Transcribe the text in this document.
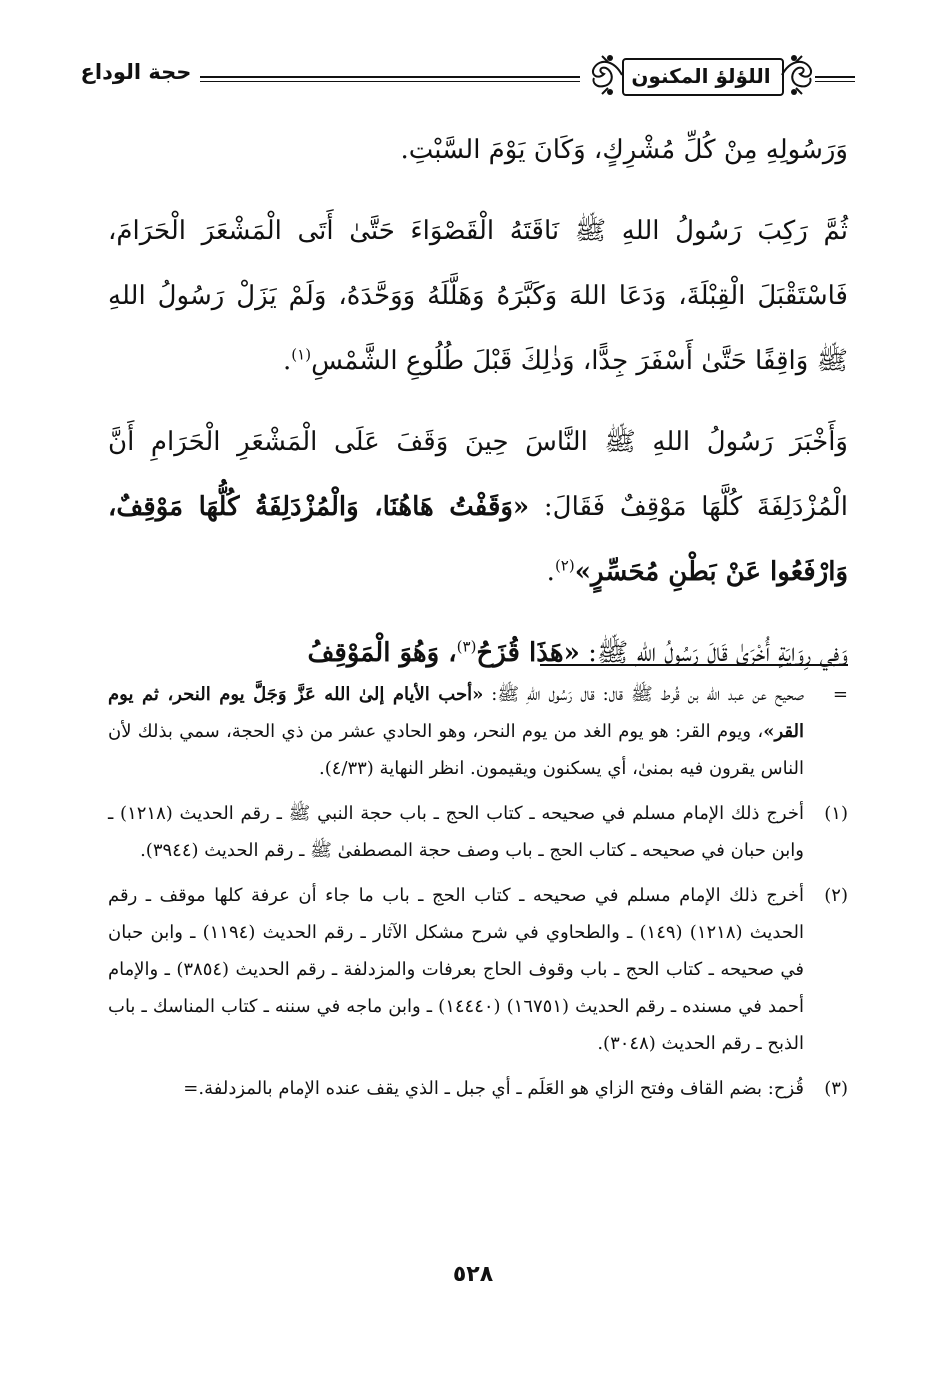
حجة الوداع	اللؤلؤ المكنون

وَرَسُولِهِ مِنْ كُلِّ مُشْرِكٍ، وَكَانَ يَوْمَ السَّبْتِ.

ثُمَّ رَكِبَ رَسُولُ اللهِ ﷺ نَاقَتَهُ الْقَصْوَاءَ حَتَّىٰ أَتَى الْمَشْعَرَ الْحَرَامَ، فَاسْتَقْبَلَ الْقِبْلَةَ، وَدَعَا اللهَ وَكَبَّرَهُ وَهَلَّلَهُ وَوَحَّدَهُ، وَلَمْ يَزَلْ رَسُولُ اللهِ ﷺ وَاقِفًا حَتَّىٰ أَسْفَرَ جِدًّا، وَذٰلِكَ قَبْلَ طُلُوعِ الشَّمْسِ$^{(١)}$.

وَأَخْبَرَ رَسُولُ اللهِ ﷺ النَّاسَ حِينَ وَقَفَ عَلَى الْمَشْعَرِ الْحَرَامِ أَنَّ الْمُزْدَلِفَةَ كُلَّهَا مَوْقِفٌ فَقَالَ: «وَقَفْتُ هَاهُنَا، وَالْمُزْدَلِفَةُ كُلُّهَا مَوْقِفٌ، وَارْفَعُوا عَنْ بَطْنِ مُحَسِّرٍ»$^{(٢)}$.

وَفِي رِوَايَةٍ أُخْرَىٰ قَالَ رَسُولُ اللهِ ﷺ: «هَذَا قُزَحُ$^{(٣)}$، وَهُوَ الْمَوْقِفُ

=
صحيح عن عبد الله بن قُرط ﷺ قال: قال رَسُول اللهِ ﷺ: «أحب الأيام إلىٰ الله عَزَّ وَجَلَّ يوم النحر، ثم يوم القر»، ويوم القر: هو يوم الغد من يوم النحر، وهو الحادي عشر من ذي الحجة، سمي بذلك لأن الناس يقرون فيه بمنىٰ، أي يسكنون ويقيمون. انظر النهاية (٤/٣٣).
(١)
أخرج ذلك الإمام مسلم في صحيحه ـ كتاب الحج ـ باب حجة النبي ﷺ ـ رقم الحديث (١٢١٨) ـ وابن حبان في صحيحه ـ كتاب الحج ـ باب وصف حجة المصطفىٰ ﷺ ـ رقم الحديث (٣٩٤٤).
(٢)
أخرج ذلك الإمام مسلم في صحيحه ـ كتاب الحج ـ باب ما جاء أن عرفة كلها موقف ـ رقم الحديث (١٢١٨) (١٤٩) ـ والطحاوي في شرح مشكل الآثار ـ رقم الحديث (١١٩٤) ـ وابن حبان في صحيحه ـ كتاب الحج ـ باب وقوف الحاج بعرفات والمزدلفة ـ رقم الحديث (٣٨٥٤) ـ والإمام أحمد في مسنده ـ رقم الحديث (١٦٧٥١) (١٤٤٤٠) ـ وابن ماجه في سننه ـ كتاب المناسك ـ باب الذبح ـ رقم الحديث (٣٠٤٨).
(٣)
قُزح: بضم القاف وفتح الزاي هو العَلَم ـ أي جبل ـ الذي يقف عنده الإمام بالمزدلفة.=
٥٢٨
